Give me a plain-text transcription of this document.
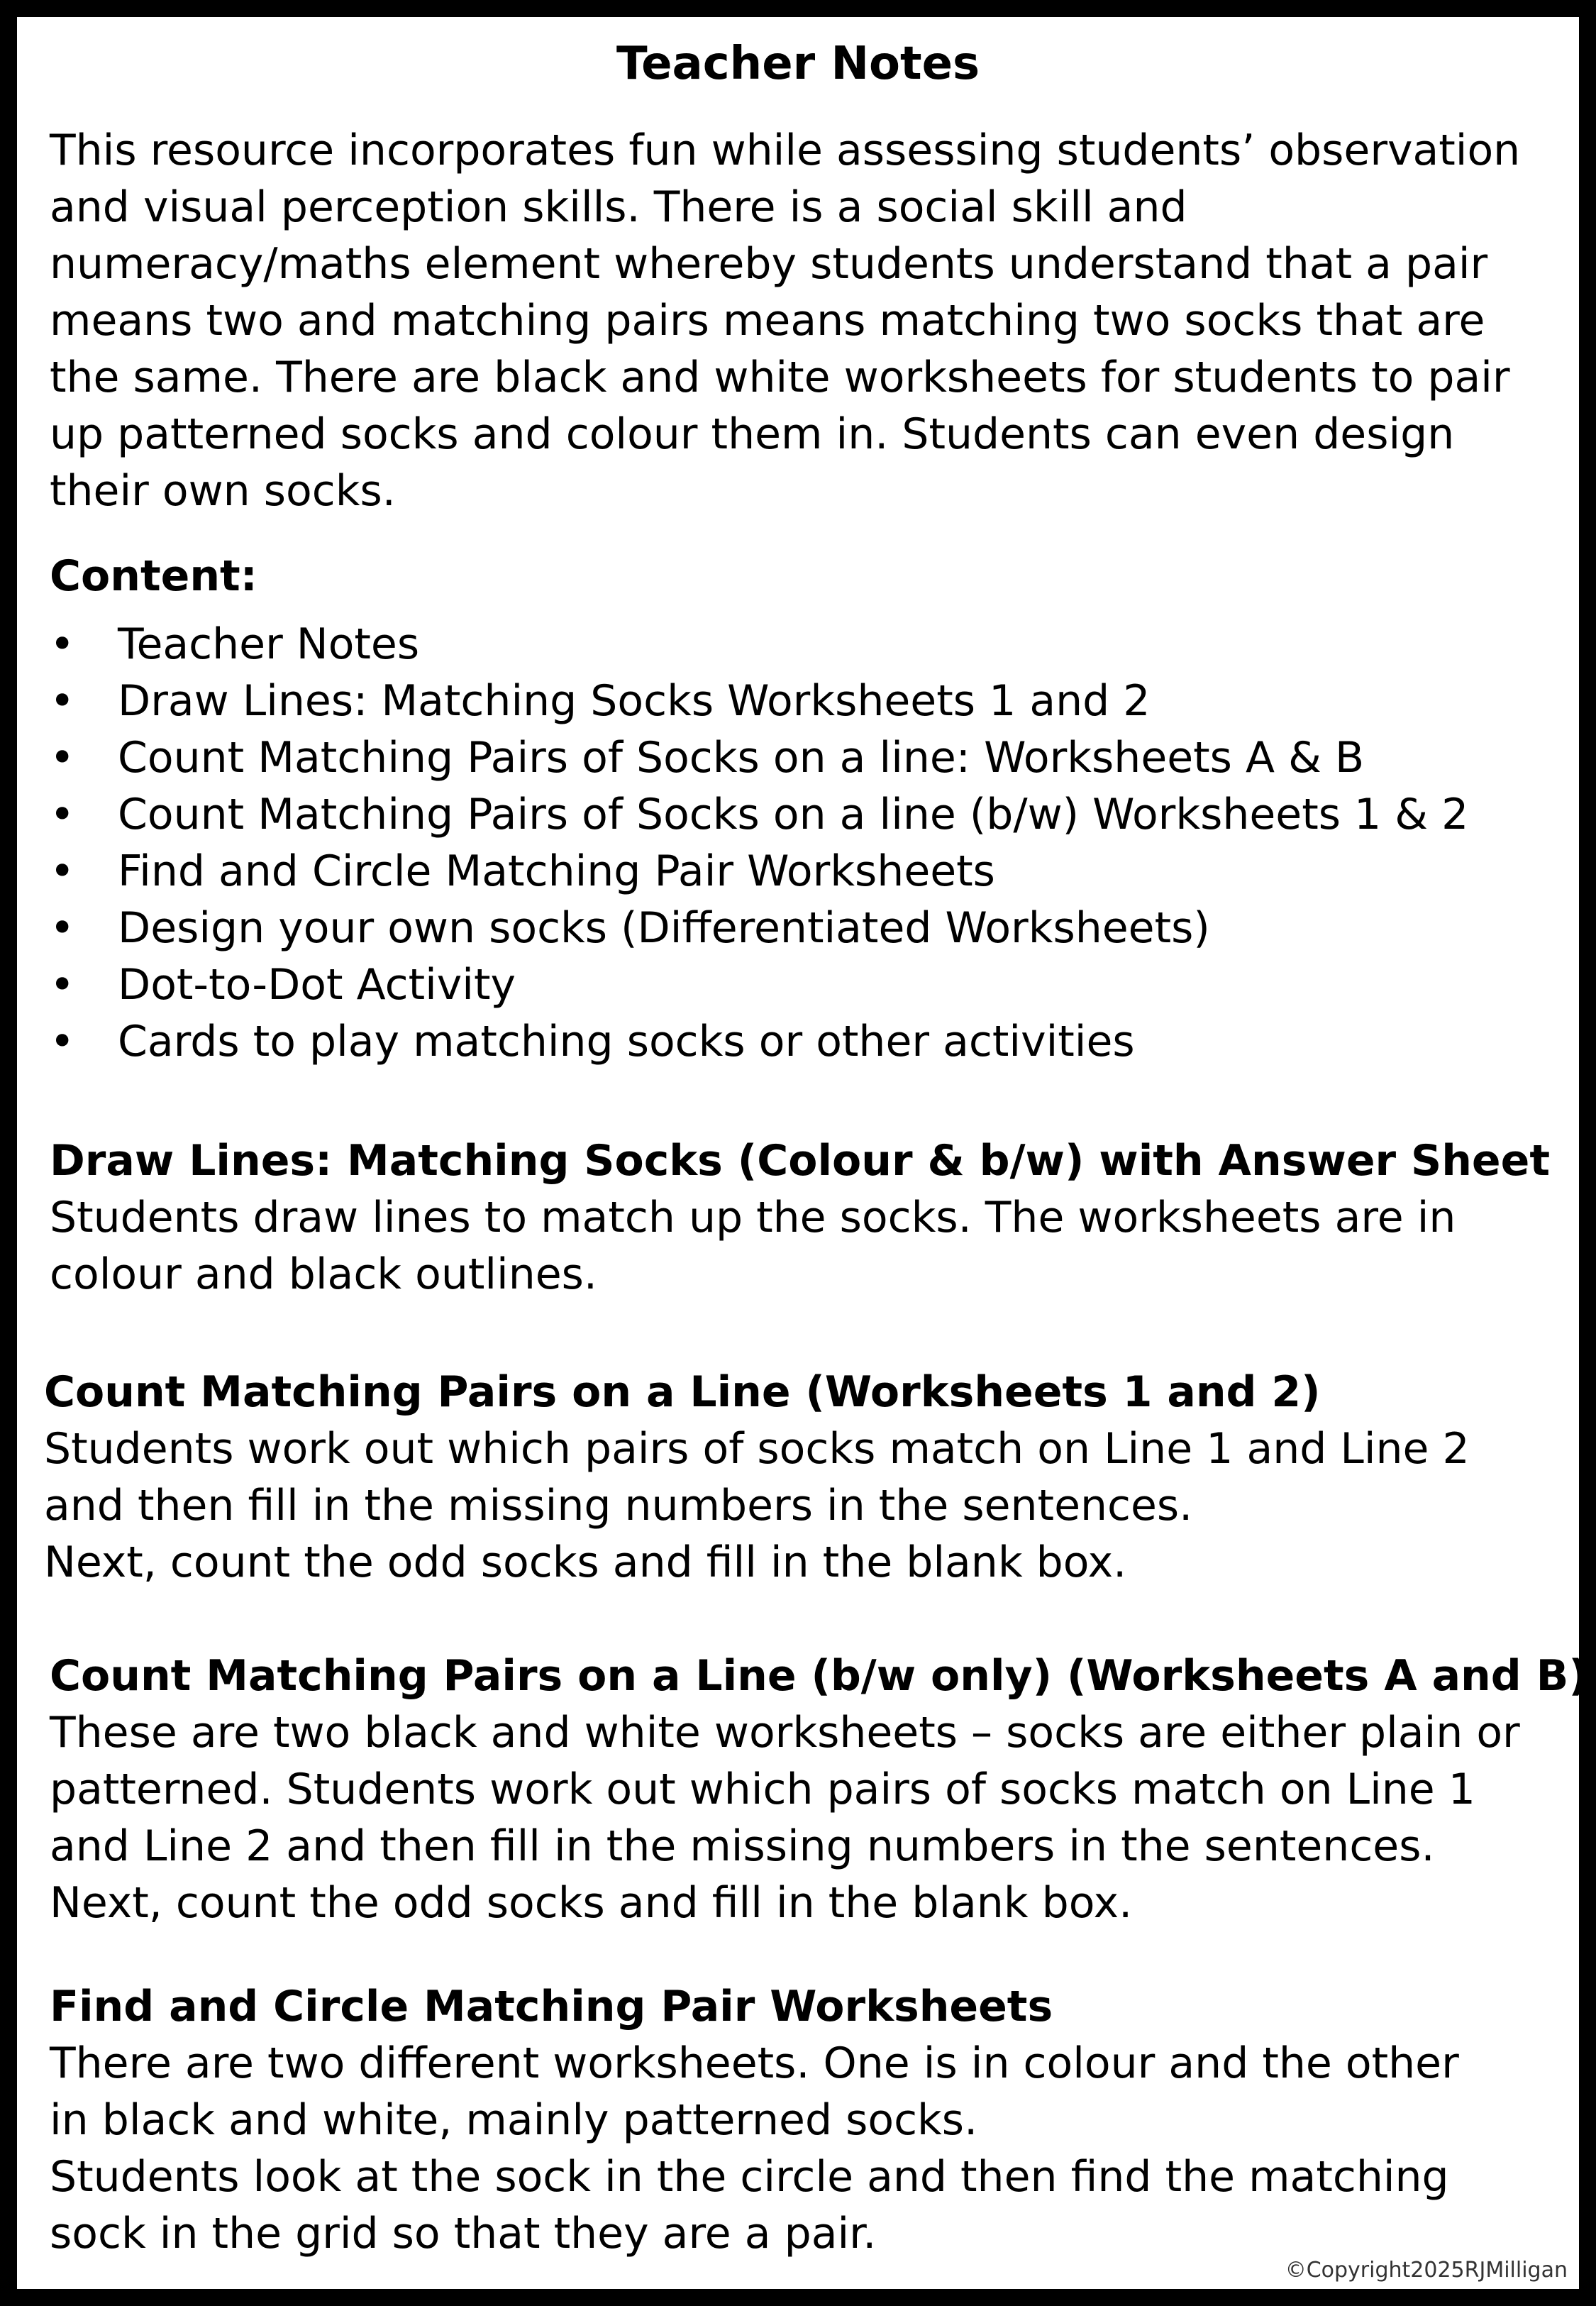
Teacher Notes
This resource incorporates fun while assessing students’ observation
and visual perception skills. There is a social skill and
numeracy/maths element whereby students understand that a pair
means two and matching pairs means matching two socks that are
the same. There are black and white worksheets for students to pair
up patterned socks and colour them in. Students can even design
their own socks.
Content:
• Teacher Notes
• Draw Lines: Matching Socks Worksheets 1 and 2
• Count Matching Pairs of Socks on a line: Worksheets A & B
• Count Matching Pairs of Socks on a line (b/w) Worksheets 1 & 2
• Find and Circle Matching Pair Worksheets
• Design your own socks (Differentiated Worksheets)
• Dot-to-Dot Activity
• Cards to play matching socks or other activities
Draw Lines: Matching Socks (Colour & b/w) with Answer Sheet
Students draw lines to match up the socks. The worksheets are in
colour and black outlines.
Count Matching Pairs on a Line (Worksheets 1 and 2)
Students work out which pairs of socks match on Line 1 and Line 2
and then fill in the missing numbers in the sentences.
Next, count the odd socks and fill in the blank box.
Count Matching Pairs on a Line (b/w only) (Worksheets A and B)
These are two black and white worksheets – socks are either plain or
patterned. Students work out which pairs of socks match on Line 1
and Line 2 and then fill in the missing numbers in the sentences.
Next, count the odd socks and fill in the blank box.
Find and Circle Matching Pair Worksheets
There are two different worksheets. One is in colour and the other
in black and white, mainly patterned socks.
Students look at the sock in the circle and then find the matching
sock in the grid so that they are a pair.
©Copyright2025RJMilligan
